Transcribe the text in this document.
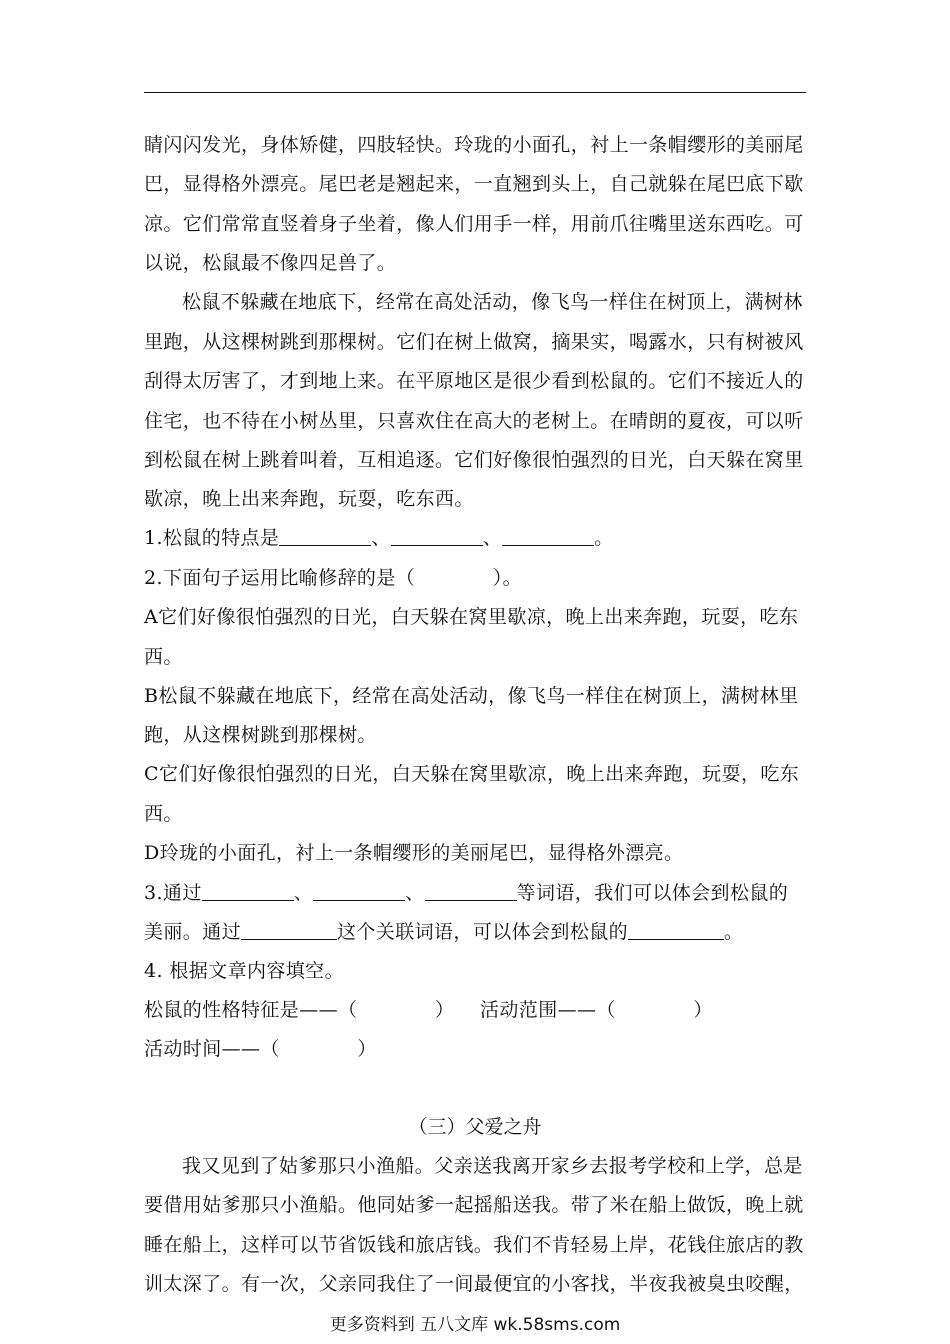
睛闪闪发光，身体矫健，四肢轻快。玲珑的小面孔，衬上一条帽缨形的美丽尾
巴，显得格外漂亮。尾巴老是翘起来，一直翘到头上，自己就躲在尾巴底下歇
凉。它们常常直竖着身子坐着，像人们用手一样，用前爪往嘴里送东西吃。可
以说，松鼠最不像四足兽了。
松鼠不躲藏在地底下，经常在高处活动，像飞鸟一样住在树顶上，满树林
里跑，从这棵树跳到那棵树。它们在树上做窝，摘果实，喝露水，只有树被风
刮得太厉害了，才到地上来。在平原地区是很少看到松鼠的。它们不接近人的
住宅，也不待在小树丛里，只喜欢住在高大的老树上。在晴朗的夏夜，可以听
到松鼠在树上跳着叫着，互相追逐。它们好像很怕强烈的日光，白天躲在窝里
歇凉，晚上出来奔跑，玩耍，吃东西。
1.松鼠的特点是	、	、	。
2.下面句子运用比喻修辞的是（　　　　）。
A它们好像很怕强烈的日光，白天躲在窝里歇凉，晚上出来奔跑，玩耍，吃东
西。
B松鼠不躲藏在地底下，经常在高处活动，像飞鸟一样住在树顶上，满树林里
跑，从这棵树跳到那棵树。
C它们好像很怕强烈的日光，白天躲在窝里歇凉，晚上出来奔跑，玩耍，吃东
西。
D玲珑的小面孔，衬上一条帽缨形的美丽尾巴，显得格外漂亮。
3.通过	、	、	等词语，我们可以体会到松鼠的
美丽。通过	这个关联词语，可以体会到松鼠的	。
4. 根据文章内容填空。
松鼠的性格特征是——（　　　　） 活动范围——（　　　　）
活动时间——（　　　　）
（三）父爱之舟
我又见到了姑爹那只小渔船。父亲送我离开家乡去报考学校和上学，总是
要借用姑爹那只小渔船。他同姑爹一起摇船送我。带了米在船上做饭，晚上就
睡在船上，这样可以节省饭钱和旅店钱。我们不肯轻易上岸，花钱住旅店的教
训太深了。有一次，父亲同我住了一间最便宜的小客找，半夜我被臭虫咬醒，
更多资料到 五八文库 wk.58sms.com
